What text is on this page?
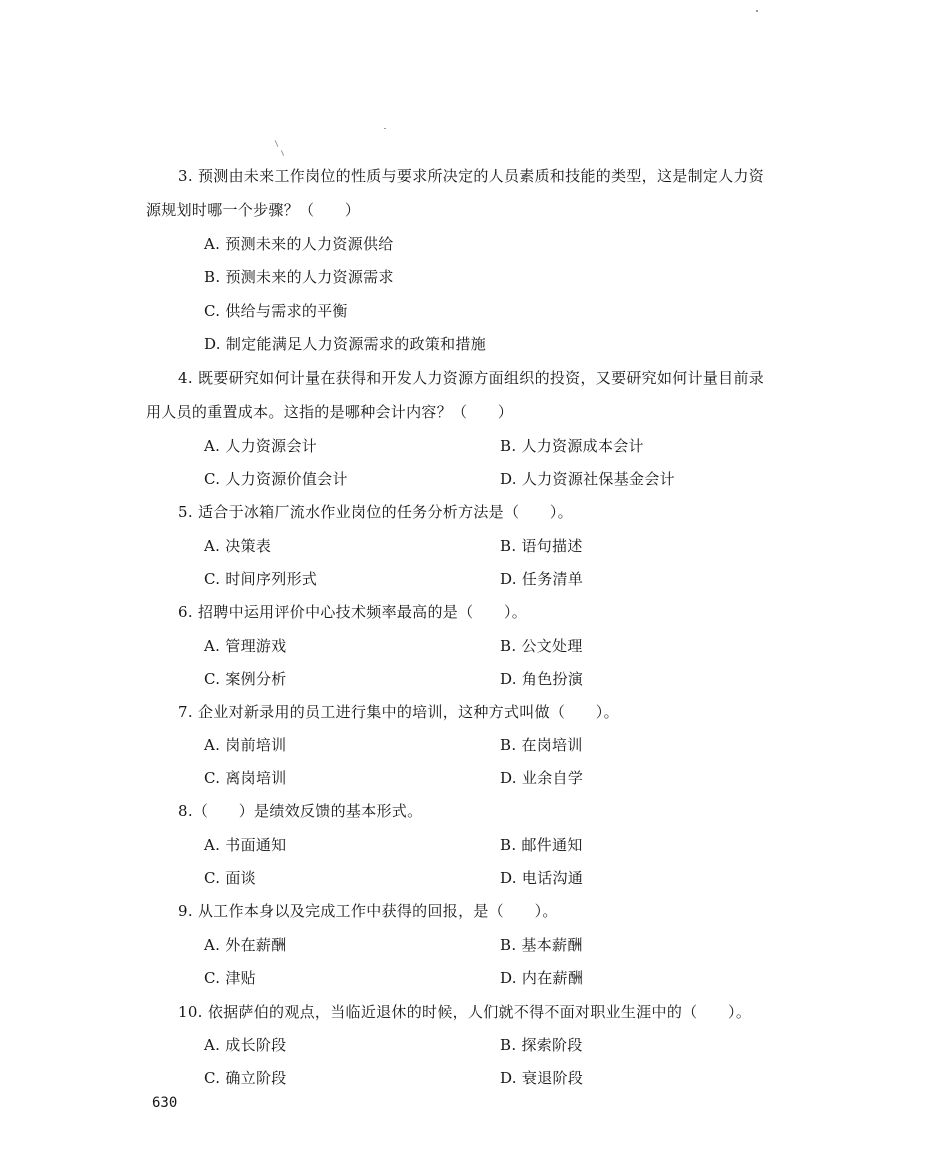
3. 预测由未来工作岗位的性质与要求所决定的人员素质和技能的类型，这是制定人力资
源规划时哪一个步骤？（　　）
A. 预测未来的人力资源供给
B. 预测未来的人力资源需求
C. 供给与需求的平衡
D. 制定能满足人力资源需求的政策和措施
4. 既要研究如何计量在获得和开发人力资源方面组织的投资，又要研究如何计量目前录
用人员的重置成本。这指的是哪种会计内容？（　　）
A. 人力资源会计	B. 人力资源成本会计
C. 人力资源价值会计	D. 人力资源社保基金会计
5. 适合于冰箱厂流水作业岗位的任务分析方法是（　　）。
A. 决策表	B. 语句描述
C. 时间序列形式	D. 任务清单
6. 招聘中运用评价中心技术频率最高的是（　　）。
A. 管理游戏	B. 公文处理
C. 案例分析	D. 角色扮演
7. 企业对新录用的员工进行集中的培训，这种方式叫做（　　）。
A. 岗前培训	B. 在岗培训
C. 离岗培训	D. 业余自学
8.（　　）是绩效反馈的基本形式。
A. 书面通知	B. 邮件通知
C. 面谈	D. 电话沟通
9. 从工作本身以及完成工作中获得的回报，是（　　）。
A. 外在薪酬	B. 基本薪酬
C. 津贴	D. 内在薪酬
10. 依据萨伯的观点，当临近退休的时候，人们就不得不面对职业生涯中的（　　）。
A. 成长阶段	B. 探索阶段
C. 确立阶段	D. 衰退阶段
630
